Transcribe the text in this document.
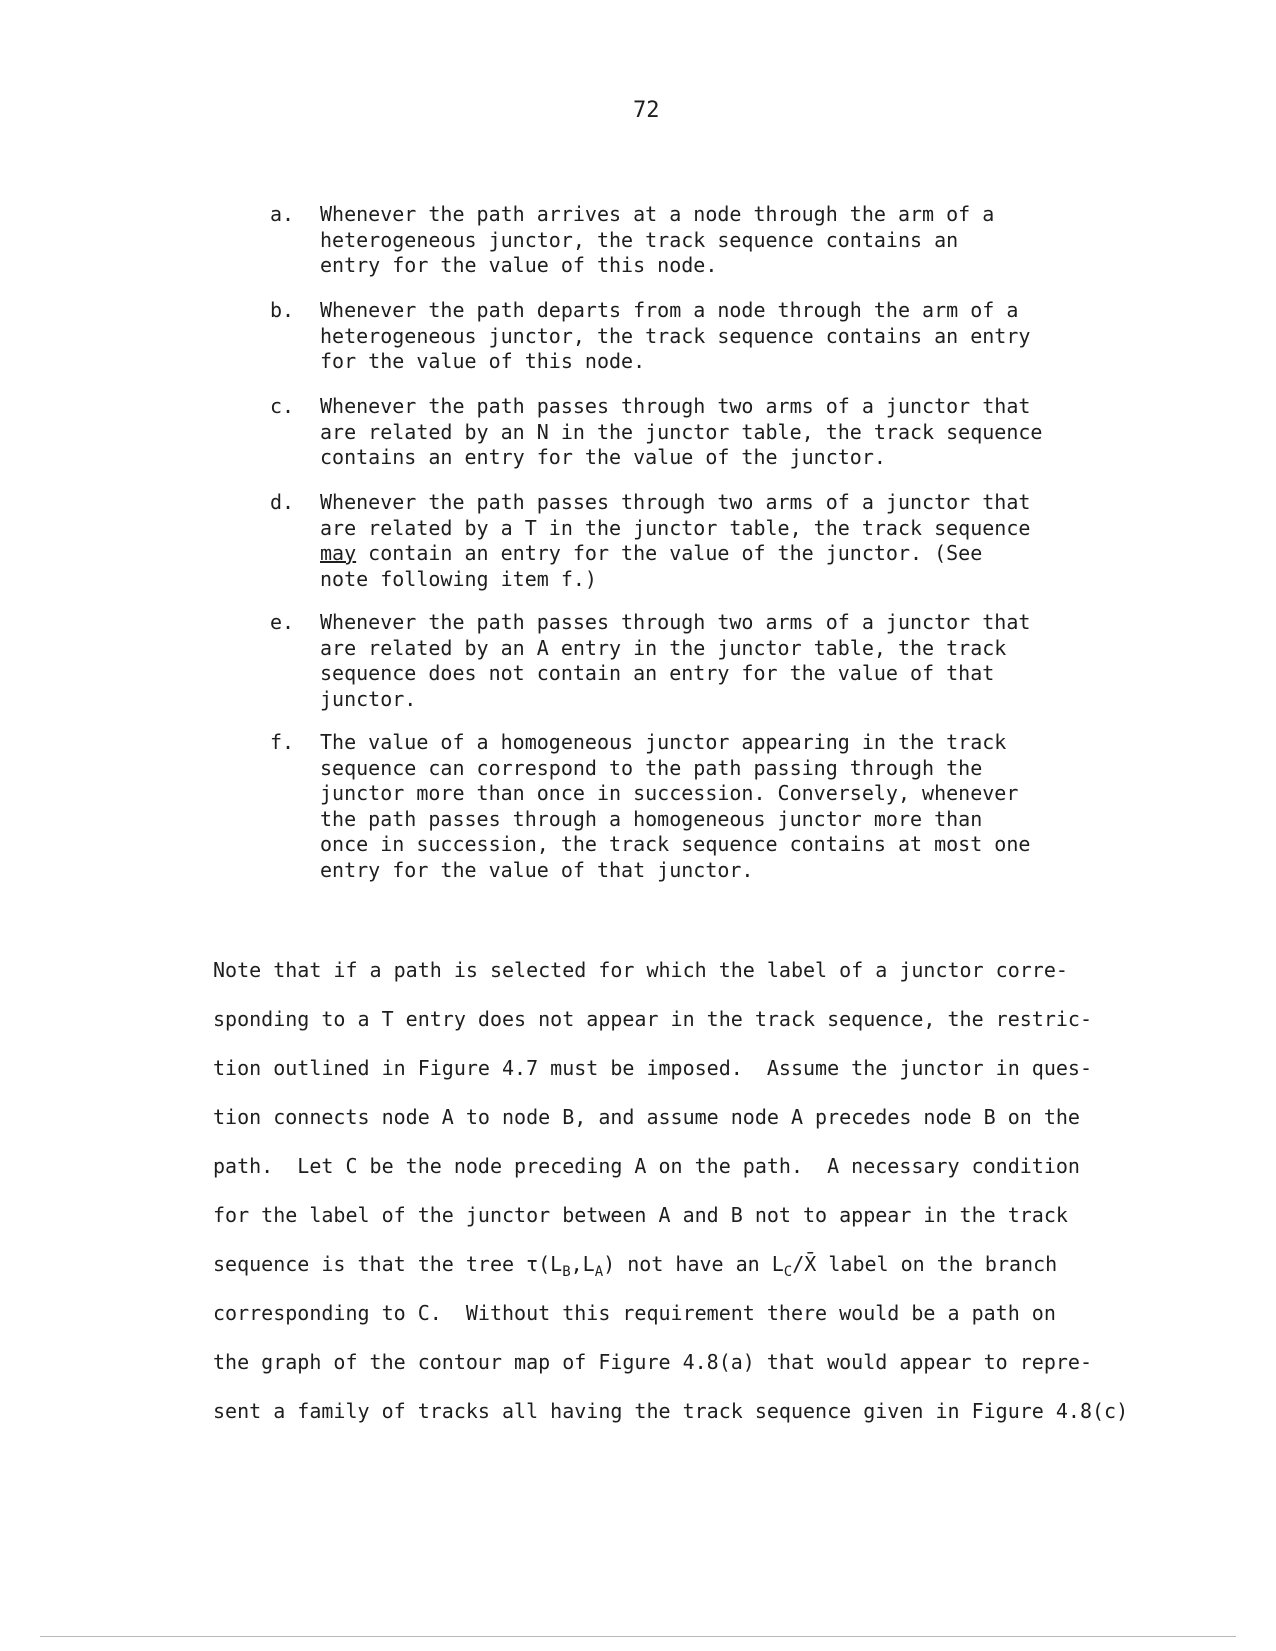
72
a.	Whenever the path arrives at a node through the arm of a
heterogeneous junctor, the track sequence contains an
entry for the value of this node.
b.	Whenever the path departs from a node through the arm of a
heterogeneous junctor, the track sequence contains an entry
for the value of this node.
c.	Whenever the path passes through two arms of a junctor that
are related by an N in the junctor table, the track sequence
contains an entry for the value of the junctor.
d.	Whenever the path passes through two arms of a junctor that
are related by a T in the junctor table, the track sequence
may contain an entry for the value of the junctor. (See
note following item f.)
e.	Whenever the path passes through two arms of a junctor that
are related by an A entry in the junctor table, the track
sequence does not contain an entry for the value of that
junctor.
f.	The value of a homogeneous junctor appearing in the track
sequence can correspond to the path passing through the
junctor more than once in succession. Conversely, whenever
the path passes through a homogeneous junctor more than
once in succession, the track sequence contains at most one
entry for the value of that junctor.
Note that if a path is selected for which the label of a junctor corre-
sponding to a T entry does not appear in the track sequence, the restric-
tion outlined in Figure 4.7 must be imposed.  Assume the junctor in ques-
tion connects node A to node B, and assume node A precedes node B on the
path.  Let C be the node preceding A on the path.  A necessary condition
for the label of the junctor between A and B not to appear in the track
sequence is that the tree $\tau(L_B,L_A)$ not have an $L_C/X̄$ label on the branch
corresponding to C.  Without this requirement there would be a path on
the graph of the contour map of Figure 4.8(a) that would appear to repre-
sent a family of tracks all having the track sequence given in Figure 4.8(c)
